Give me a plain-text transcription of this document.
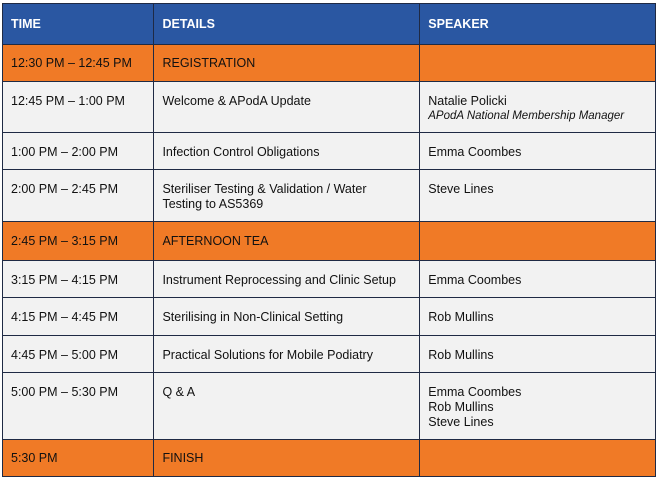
TIME	DETAILS	SPEAKER
12:30 PM – 12:45 PM	REGISTRATION	
12:45 PM – 1:00 PM	Welcome & APodA Update	Natalie Policki
APodA National Membership Manager

1:00 PM – 2:00 PM	Infection Control Obligations	Emma Coombes

2:00 PM – 2:45 PM	Steriliser Testing & Validation / Water
Testing to AS5369	Steve Lines

2:45 PM – 3:15 PM	AFTERNOON TEA	
3:15 PM – 4:15 PM	Instrument Reprocessing and Clinic Setup	Emma Coombes

4:15 PM – 4:45 PM	Sterilising in Non-Clinical Setting	Rob Mullins

4:45 PM – 5:00 PM	Practical Solutions for Mobile Podiatry	Rob Mullins

5:00 PM – 5:30 PM	Q & A	Emma Coombes
Rob Mullins
Steve Lines

5:30 PM	FINISH	
